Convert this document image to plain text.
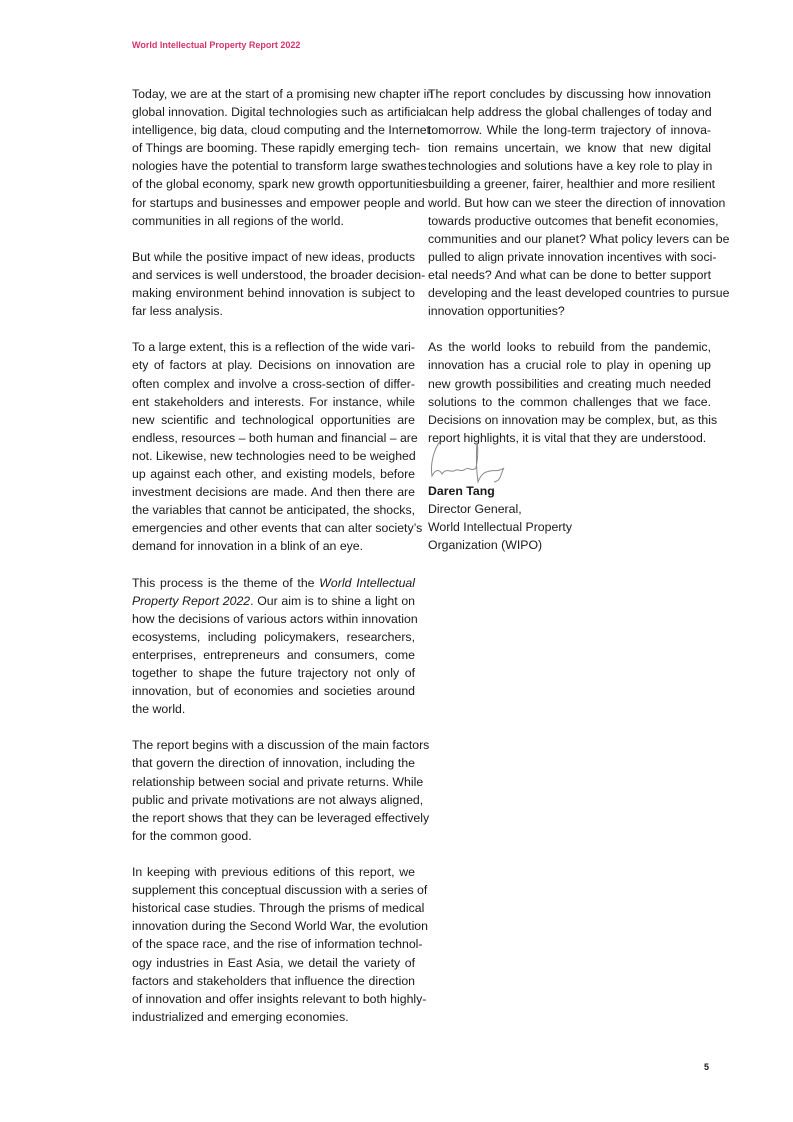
World Intellectual Property Report 2022
Today, we are at the start of a promising new chapter in
global innovation. Digital technologies such as artificial
intelligence, big data, cloud computing and the Internet
of Things are booming. These rapidly emerging tech-
nologies have the potential to transform large swathes
of the global economy, spark new growth opportunities
for startups and businesses and empower people and
communities in all regions of the world.
But while the positive impact of new ideas, products
and services is well understood, the broader decision-
making environment behind innovation is subject to
far less analysis.
To a large extent, this is a reflection of the wide vari-
ety of factors at play. Decisions on innovation are
often complex and involve a cross-section of differ-
ent stakeholders and interests. For instance, while
new scientific and technological opportunities are
endless, resources – both human and financial – are
not. Likewise, new technologies need to be weighed
up against each other, and existing models, before
investment decisions are made. And then there are
the variables that cannot be anticipated, the shocks,
emergencies and other events that can alter society’s
demand for innovation in a blink of an eye.
This process is the theme of the World Intellectual
Property Report 2022. Our aim is to shine a light on
how the decisions of various actors within innovation
ecosystems, including policymakers, researchers,
enterprises, entrepreneurs and consumers, come
together to shape the future trajectory not only of
innovation, but of economies and societies around
the world.
The report begins with a discussion of the main factors
that govern the direction of innovation, including the
relationship between social and private returns. While
public and private motivations are not always aligned,
the report shows that they can be leveraged effectively
for the common good.
In keeping with previous editions of this report, we
supplement this conceptual discussion with a series of
historical case studies. Through the prisms of medical
innovation during the Second World War, the evolution
of the space race, and the rise of information technol-
ogy industries in East Asia, we detail the variety of
factors and stakeholders that influence the direction
of innovation and offer insights relevant to both highly-
industrialized and emerging economies.
The report concludes by discussing how innovation
can help address the global challenges of today and
tomorrow. While the long-term trajectory of innova-
tion remains uncertain, we know that new digital
technologies and solutions have a key role to play in
building a greener, fairer, healthier and more resilient
world. But how can we steer the direction of innovation
towards productive outcomes that benefit economies,
communities and our planet? What policy levers can be
pulled to align private innovation incentives with soci-
etal needs? And what can be done to better support
developing and the least developed countries to pursue
innovation opportunities?
As the world looks to rebuild from the pandemic,
innovation has a crucial role to play in opening up
new growth possibilities and creating much needed
solutions to the common challenges that we face.
Decisions on innovation may be complex, but, as this
report highlights, it is vital that they are understood.
Daren Tang
Director General,
World Intellectual Property
Organization (WIPO)
5
